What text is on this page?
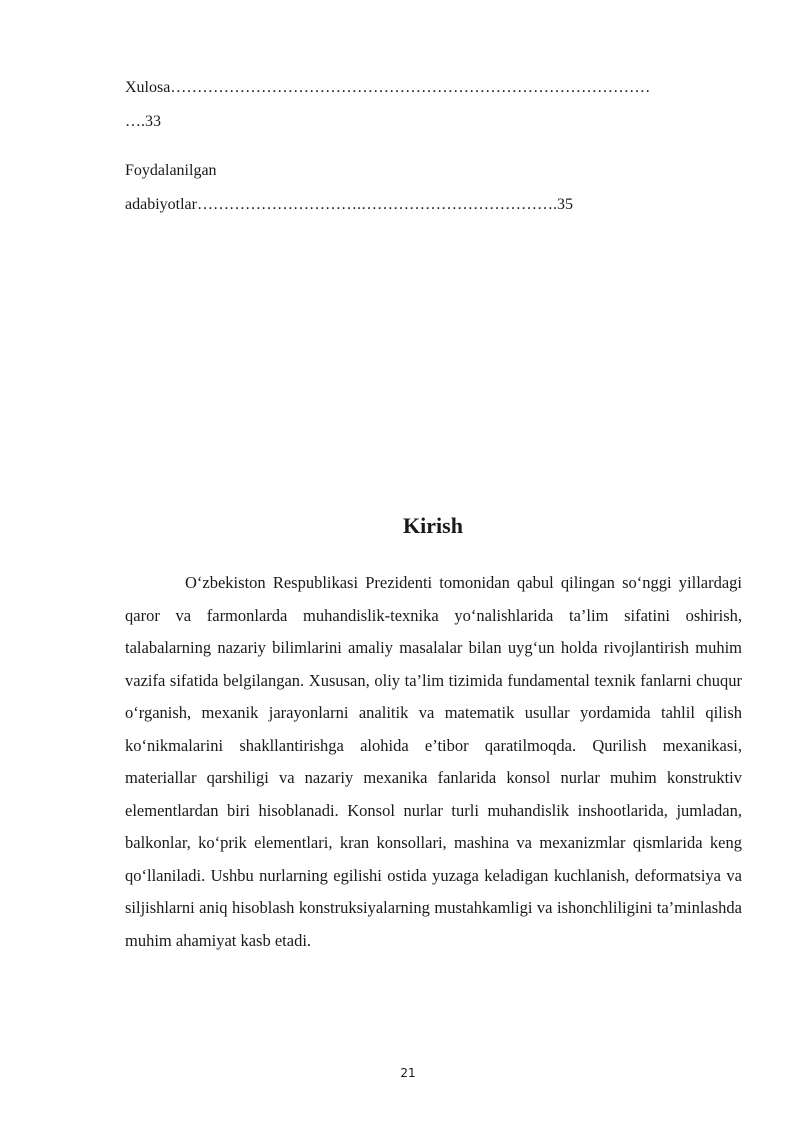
Xulosa………………………………………………………………………………
….33
Foydalanilgan
adabiyotlar………………………….……………………………….35
Kirish

O‘zbekiston Respublikasi Prezidenti tomonidan qabul qilingan so‘nggi yillardagi qaror va farmonlarda muhandislik-texnika yo‘nalishlarida ta’lim sifatini oshirish, talabalarning nazariy bilimlarini amaliy masalalar bilan uyg‘un holda rivojlantirish muhim vazifa sifatida belgilangan. Xususan, oliy ta’lim tizimida fundamental texnik fanlarni chuqur o‘rganish, mexanik jarayonlarni analitik va matematik usullar yordamida tahlil qilish ko‘nikmalarini shakllantirishga alohida e’tibor qaratilmoqda. Qurilish mexanikasi, materiallar qarshiligi va nazariy mexanika fanlarida konsol nurlar muhim konstruktiv elementlardan biri hisoblanadi. Konsol nurlar turli muhandislik inshootlarida, jumladan, balkonlar, ko‘prik elementlari, kran konsollari, mashina va mexanizmlar qismlarida keng qo‘llaniladi. Ushbu nurlarning egilishi ostida yuzaga keladigan kuchlanish, deformatsiya va siljishlarni aniq hisoblash konstruksiyalarning mustahkamligi va ishonchliligini ta’minlashda muhim ahamiyat kasb etadi.

21
